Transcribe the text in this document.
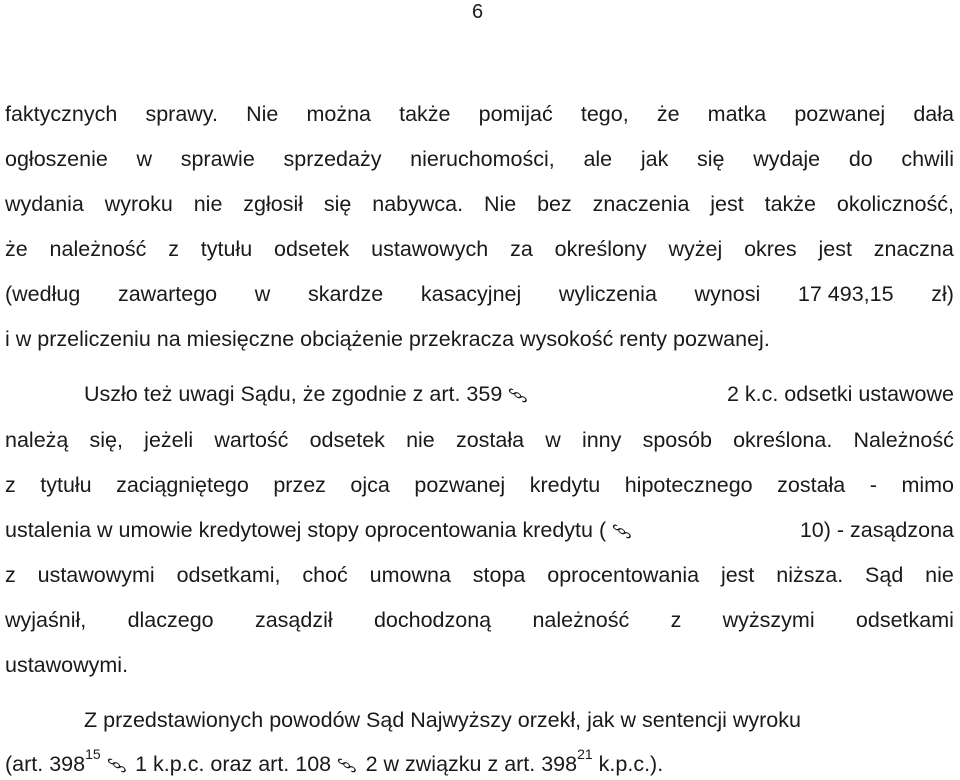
6
faktycznych sprawy. Nie można także pomijać tego, że matka pozwanej dała
ogłoszenie w sprawie sprzedaży nieruchomości, ale jak się wydaje do chwili
wydania wyroku nie zgłosił się nabywca. Nie bez znaczenia jest także okoliczność,
że należność z tytułu odsetek ustawowych za określony wyżej okres jest znaczna
(według zawartego w skardze kasacyjnej wyliczenia wynosi 17 493,15 zł)
i w przeliczeniu na miesięczne obciążenie przekracza wysokość renty pozwanej.
Uszło też uwagi Sądu, że zgodnie z art. 359§	2 k.c. odsetki ustawowe
należą się, jeżeli wartość odsetek nie została w inny sposób określona. Należność
z tytułu zaciągniętego przez ojca pozwanej kredytu hipotecznego została - mimo
ustalenia w umowie kredytowej stopy oprocentowania kredytu (§	10) - zasądzona
z ustawowymi odsetkami, choć umowna stopa oprocentowania jest niższa. Sąd nie
wyjaśnił, dlaczego zasądził dochodzoną należność z wyższymi odsetkami
ustawowymi.
Z przedstawionych powodów Sąd Najwyższy orzekł, jak w sentencji wyroku
(art. $398^{15}\S$ 1 k.p.c. oraz art. 108§ 2 w związku z art. $398^{21}$ k.p.c.).
